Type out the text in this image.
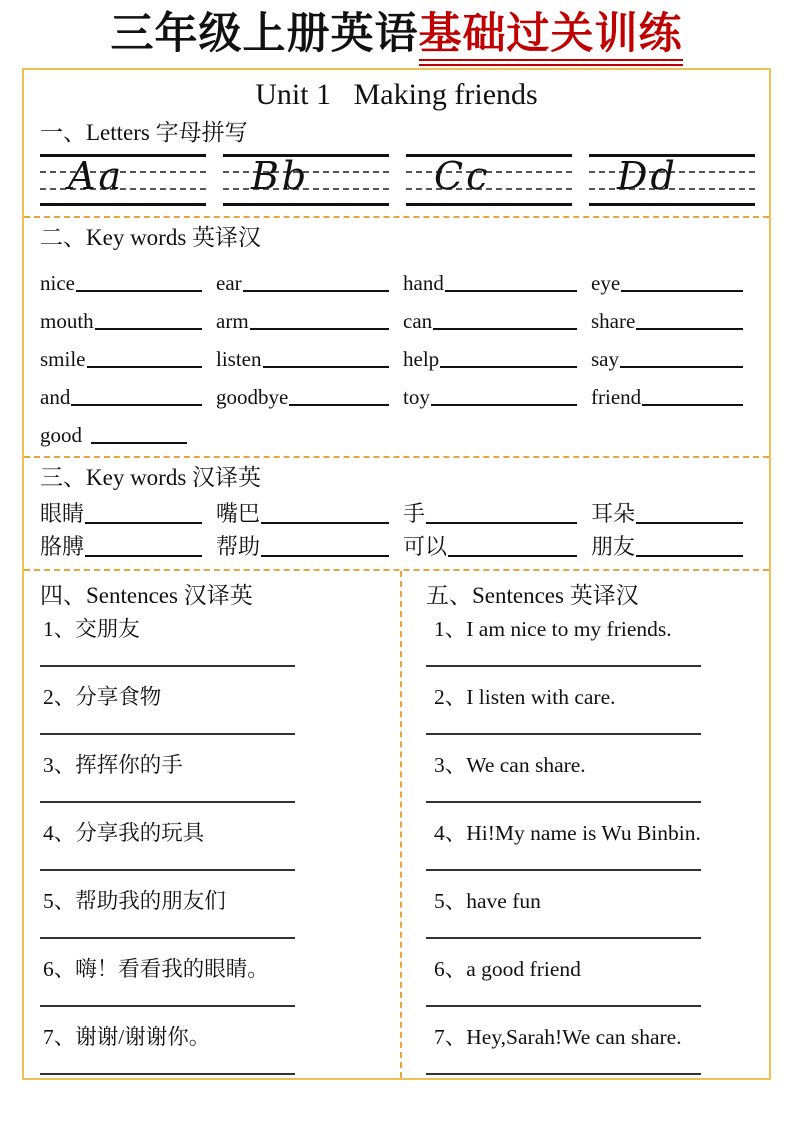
三年级上册英语基础过关训练
Unit 1   Making friends
一、Letters 字母拼写
Aa	Bb	Cc	Dd
二、Key words 英译汉
nice	ear	hand	eye
mouth	arm	can	share
smile	listen	help	say
and	goodbye	toy	friend
good
三、Key words 汉译英
眼睛	嘴巴	手	耳朵
胳膊	帮助	可以	朋友
四、Sentences 汉译英
1、交朋友
2、分享食物
3、挥挥你的手
4、分享我的玩具
5、帮助我的朋友们
6、嗨！看看我的眼睛。
7、谢谢/谢谢你。
五、Sentences 英译汉
1、I am nice to my friends.
2、I listen with care.
3、We can share.
4、Hi!My name is Wu Binbin.
5、have fun
6、a good friend
7、Hey,Sarah!We can share.
